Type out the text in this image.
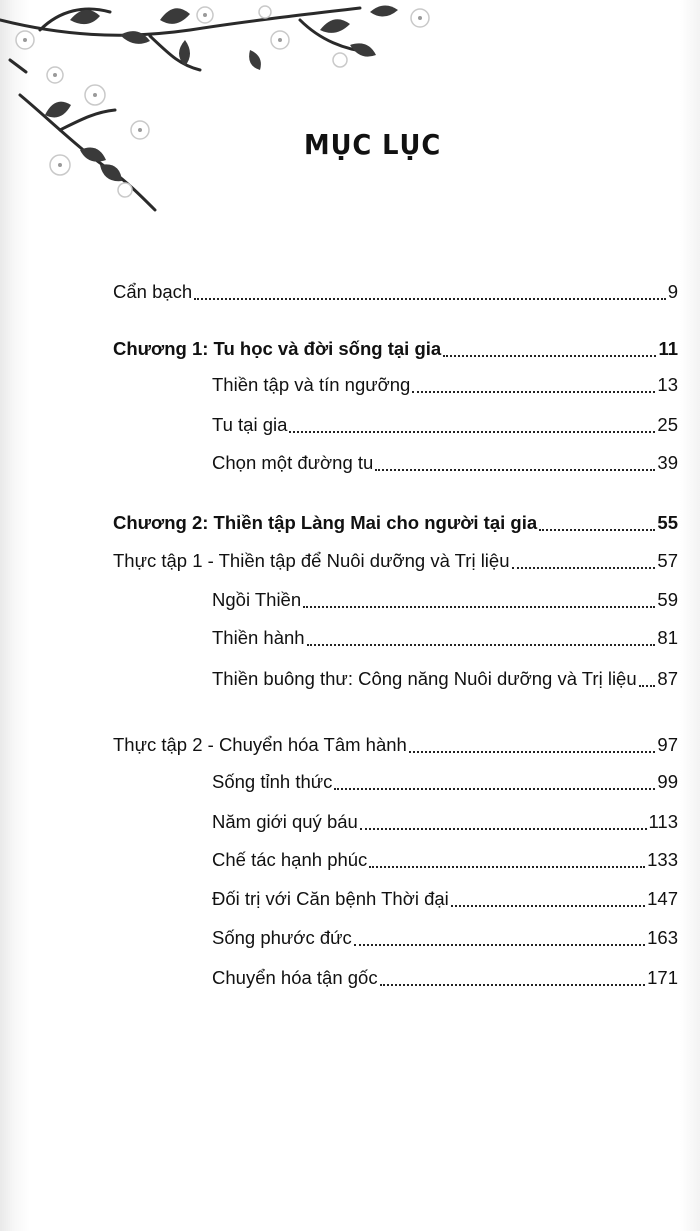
MỤC LỤC
Cẩn bạch	9
Chương 1: Tu học và đời sống tại gia	11
Thiền tập và tín ngưỡng	13
Tu tại gia	25
Chọn một đường tu	39
Chương 2: Thiền tập Làng Mai cho người tại gia	55
Thực tập 1 - Thiền tập để Nuôi dưỡng và Trị liệu	57
Ngồi Thiền	59
Thiền hành	81
Thiền buông thư: Công năng Nuôi dưỡng và Trị liệu 87
Thực tập 2 - Chuyển hóa Tâm hành	97
Sống tỉnh thức	99
Năm giới quý báu	113
Chế tác hạnh phúc	133
Đối trị với Căn bệnh Thời đại	147
Sống phước đức	163
Chuyển hóa tận gốc	171
